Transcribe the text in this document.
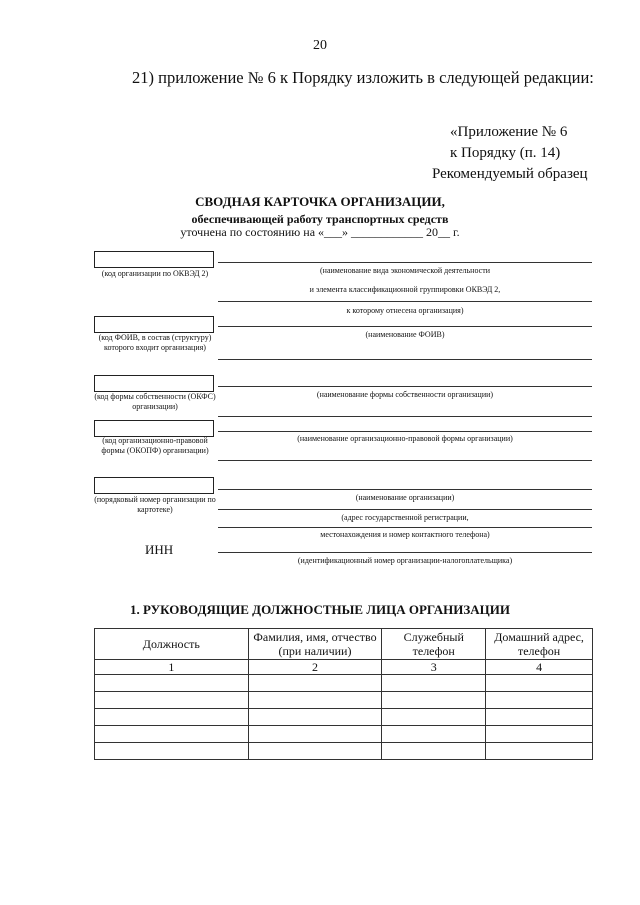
20
21) приложение № 6 к Порядку изложить в следующей редакции:
«Приложение № 6
к Порядку (п. 14)
Рекомендуемый образец
СВОДНАЯ КАРТОЧКА ОРГАНИЗАЦИИ,
обеспечивающей работу транспортных средств
уточнена по состоянию на «___» ____________ 20__ г.
(код организации по ОКВЭД 2)	(наименование вида экономической деятельности
и элемента классификационной группировки ОКВЭД 2,
к которому отнесена организация)
(код ФОИВ, в состав (структуру) которого входит организация)
(наименование ФОИВ)
(код формы собственности (ОКФС) организации)
(наименование формы собственности организации)
(код организационно-правовой формы (ОКОПФ) организации)
(наименование организационно-правовой формы организации)
(порядковый номер организации по картотеке)
(наименование организации)
(адрес государственной регистрации,
местонахождения и номер контактного телефона)
ИНН
(идентификационный номер организации-налогоплательщика)
1. РУКОВОДЯЩИЕ ДОЛЖНОСТНЫЕ ЛИЦА ОРГАНИЗАЦИИ
Должность	Фамилия, имя, отчество (при наличии)	Служебный телефон	Домашний адрес, телефон
1	2	3	4
